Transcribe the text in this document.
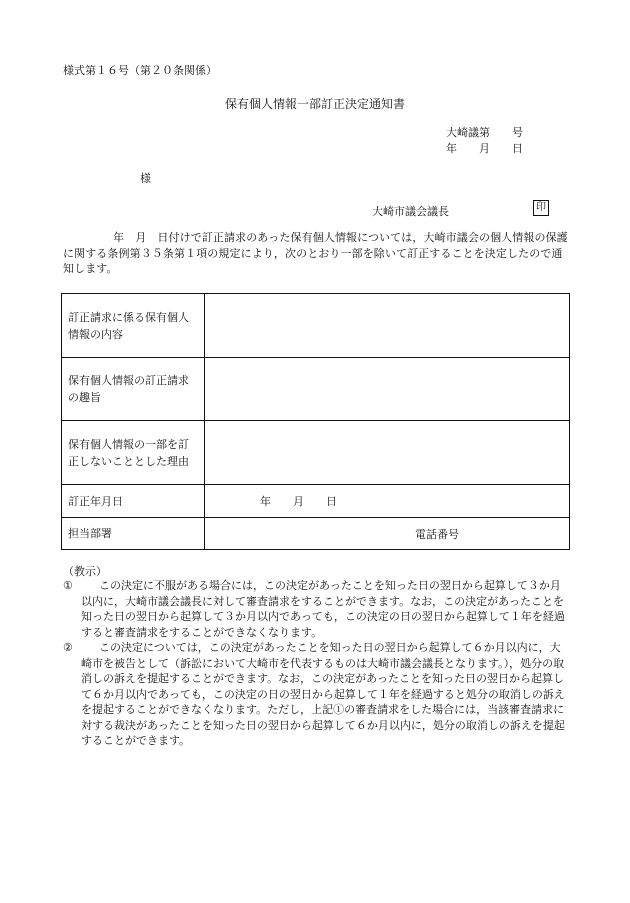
様式第１６号（第２０条関係）
保有個人情報一部訂正決定通知書
大崎議第　　号
年　　月　　日
様
大崎市議会議長	印
年　月　日付けで訂正請求のあった保有個人情報については，大崎市議会の個人情報の保護に関する条例第３５条第１項の規定により，次のとおり一部を除いて訂正することを決定したので通知します。
訂正請求に係る保有個人情報の内容	
保有個人情報の訂正請求の趣旨	
保有個人情報の一部を訂正しないこととした理由	
訂正年月日	年　　月　　日
担当部署	電話番号
（教示）
①	この決定に不服がある場合には，この決定があったことを知った日の翌日から起算して３か月以内に，大崎市議会議長に対して審査請求をすることができます。なお，この決定があったことを知った日の翌日から起算して３か月以内であっても，この決定の日の翌日から起算して１年を経過すると審査請求をすることができなくなります。
②	この決定については，この決定があったことを知った日の翌日から起算して６か月以内に，大崎市を被告として（訴訟において大崎市を代表するものは大崎市議会議長となります。），処分の取消しの訴えを提起することができます。なお，この決定があったことを知った日の翌日から起算して６か月以内であっても，この決定の日の翌日から起算して１年を経過すると処分の取消しの訴えを提起することができなくなります。ただし，上記①の審査請求をした場合には，当該審査請求に対する裁決があったことを知った日の翌日から起算して６か月以内に，処分の取消しの訴えを提起することができます。
